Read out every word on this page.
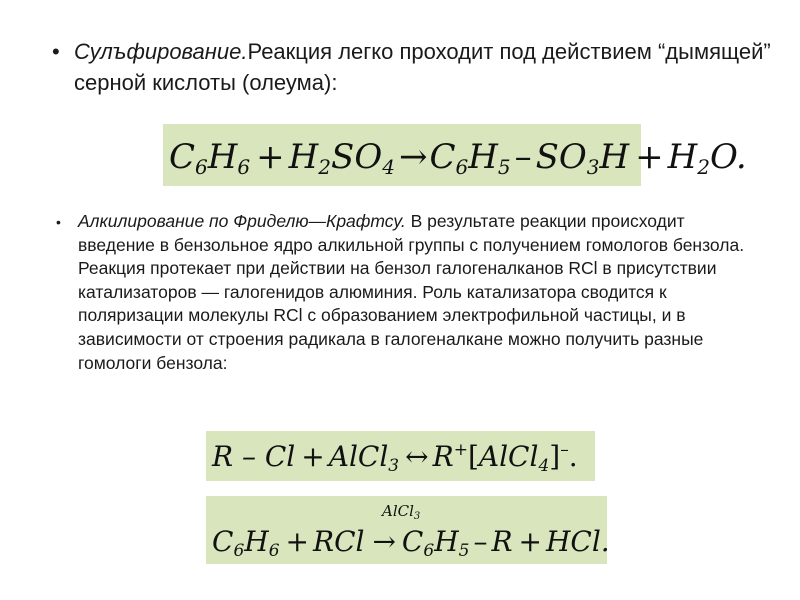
• Сулъфирование.Реакция легко проходит под действием “дымящей” серной кислоты (олеума):
C6H6 + H2SO4 →C6H5 – SO3H + H2O.
• Алкилирование по Фриделю—Крафтсу. В результате реакции происходит введение в бензольное ядро алкильной группы с получением гомологов бензола. Реакция протекает при действии на бензол галогеналканов RCl в присутствии катализаторов — галогенидов алюминия. Роль катализатора сводится к поляризации молекулы RCl с образованием электрофильной частицы, и в зависимости от строения радикала в галогеналкане можно получить разные гомологи бензола:
R – Cl + AlCl3 ↔ R+[AlCl4]–.
AlCl$_3$
C6H6 + RCl → C6H5 – R + HCl.
